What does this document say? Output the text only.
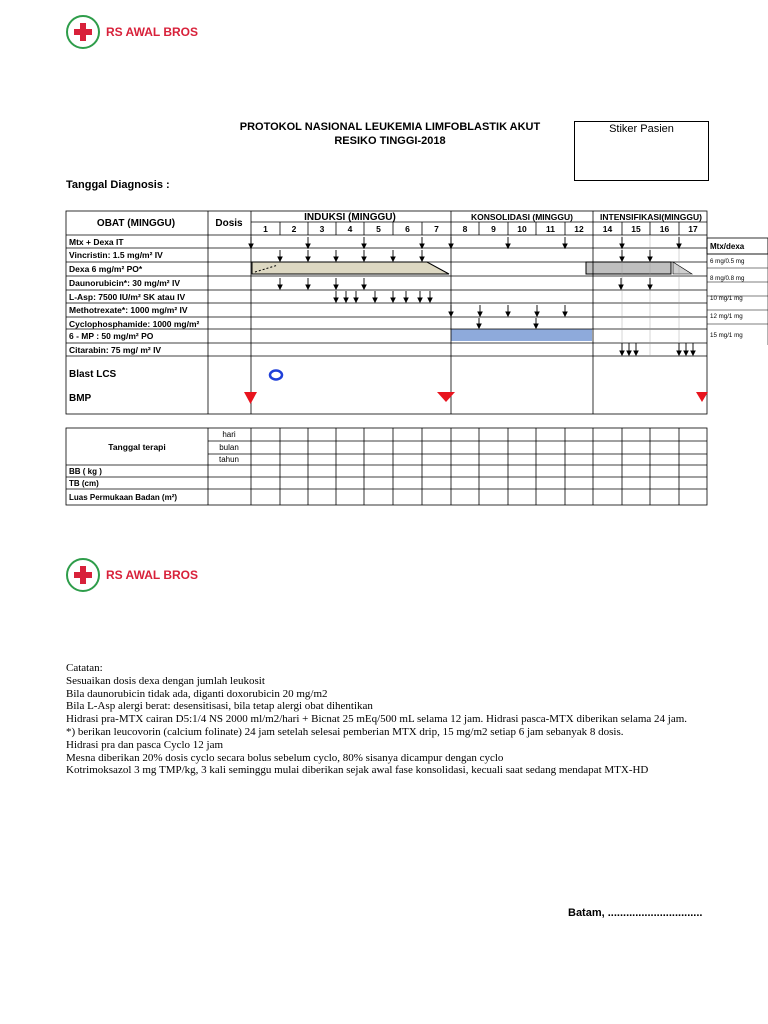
RS AWAL BROS
PROTOKOL NASIONAL LEUKEMIA LIMFOBLASTIK AKUT
RESIKO TINGGI-2018
Stiker Pasien
Tanggal Diagnosis :
OBAT (MINGGU)	Dosis
INDUKSI (MINGGU)	KONSOLIDASI (MINGGU)	INTENSIFIKASI(MINGGU)
1	2	3	4	5	6	7	8	9	10 11 12 14 15 16 17
Mtx + Dexa IT
Vincristin: 1.5 mg/m² IV
Dexa 6 mg/m² PO*
Daunorubicin*: 30 mg/m² IV
L-Asp: 7500 IU/m² SK atau IV
Methotrexate*: 1000 mg/m² IV
Cyclophosphamide: 1000 mg/m²
6 - MP : 50 mg/m² PO
Citarabin: 75 mg/ m² IV
Blast LCS
BMP
Mtx/dexa
6 mg/0.5 mg
8 mg/0.8 mg
10 mg/1 mg
12 mg/1 mg
15 mg/1 mg
Tanggal terapi
hari
bulan
tahun
BB ( kg )
TB (cm)
Luas Permukaan Badan (m²)
RS AWAL BROS
Catatan:
Sesuaikan dosis dexa dengan jumlah leukosit
Bila daunorubicin tidak ada, diganti doxorubicin 20 mg/m2
Bila L-Asp alergi berat: desensitisasi, bila tetap alergi obat dihentikan
Hidrasi pra-MTX cairan D5:1/4 NS 2000 ml/m2/hari + Bicnat 25 mEq/500 mL selama 12 jam. Hidrasi pasca-MTX diberikan selama 24 jam.
*) berikan leucovorin (calcium folinate) 24 jam setelah selesai pemberian MTX drip, 15 mg/m2 setiap 6 jam sebanyak 8 dosis.
Hidrasi pra dan pasca Cyclo 12 jam
Mesna diberikan 20% dosis cyclo secara bolus sebelum cyclo, 80% sisanya dicampur dengan cyclo
Kotrimoksazol 3 mg TMP/kg, 3 kali seminggu mulai diberikan sejak awal fase konsolidasi, kecuali saat sedang mendapat MTX-HD
Batam, ...............................
